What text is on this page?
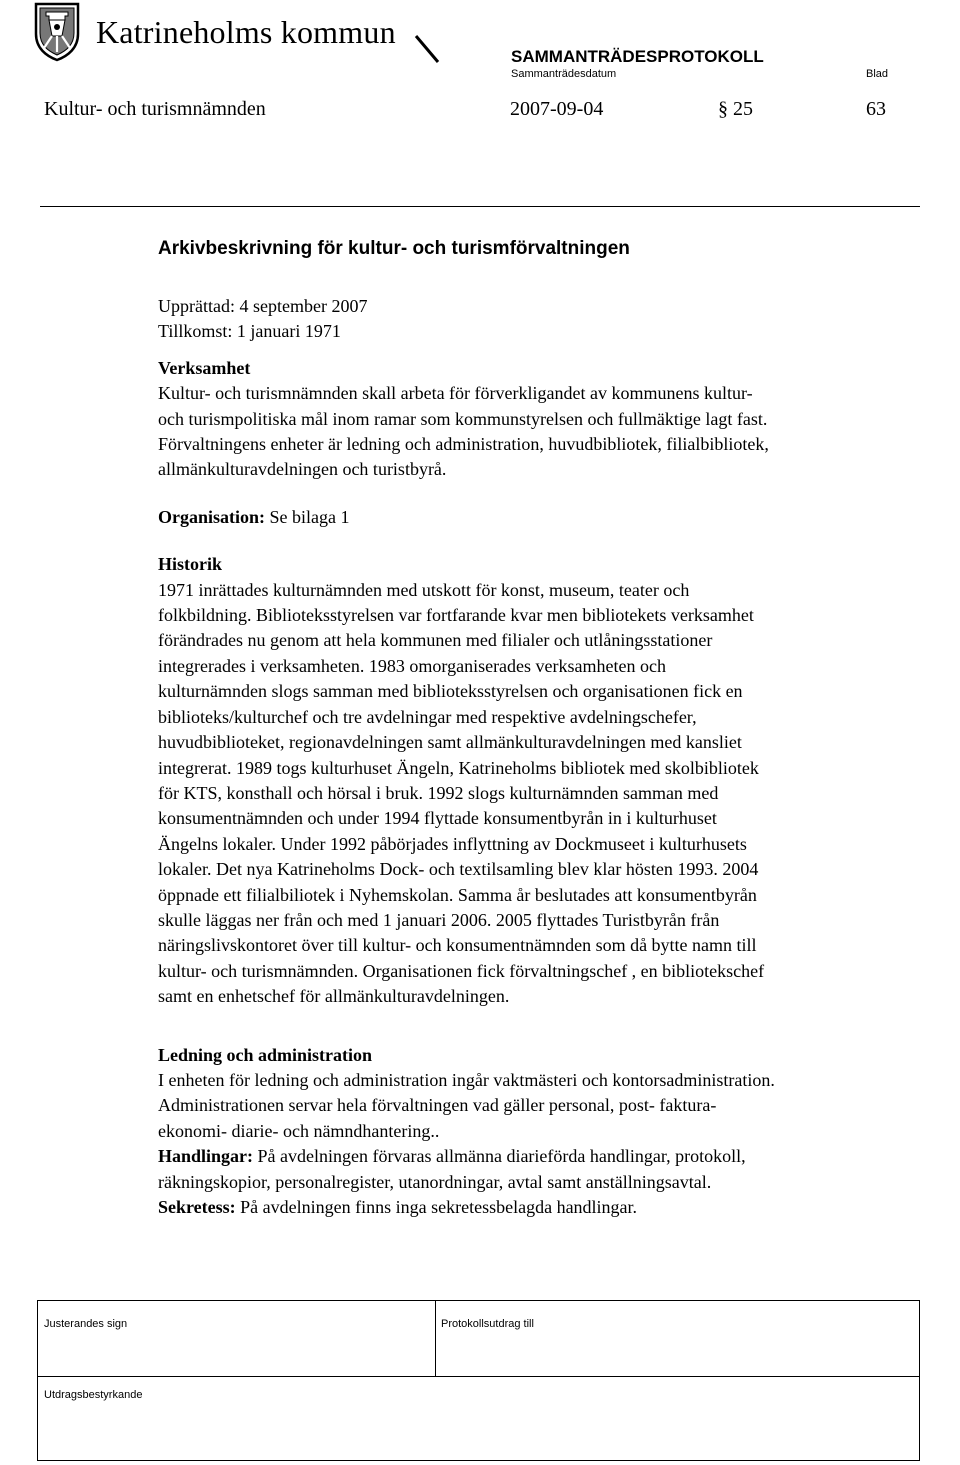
Katrineholms kommun
SAMMANTRÄDESPROTOKOLL
Sammanträdesdatum	Blad
Kultur- och turismnämnden	2007-09-04	§ 25	63
Arkivbeskrivning för kultur- och turismförvaltningen
Upprättad: 4 september 2007
Tillkomst: 1 januari 1971
Verksamhet
Kultur- och turismnämnden skall arbeta för förverkligandet av kommunens kultur-
och turismpolitiska mål inom ramar som kommunstyrelsen och fullmäktige lagt fast.
Förvaltningens enheter är ledning och administration, huvudbibliotek, filialbibliotek,
allmänkulturavdelningen och turistbyrå.
Organisation: Se bilaga 1
Historik
1971 inrättades kulturnämnden med utskott för konst, museum, teater och
folkbildning. Biblioteksstyrelsen var fortfarande kvar men bibliotekets verksamhet
förändrades nu genom att hela kommunen med filialer och utlåningsstationer
integrerades i verksamheten. 1983 omorganiserades verksamheten och
kulturnämnden slogs samman med biblioteksstyrelsen och organisationen fick en
biblioteks/kulturchef och tre avdelningar med respektive avdelningschefer,
huvudbiblioteket, regionavdelningen samt allmänkulturavdelningen med kansliet
integrerat. 1989 togs kulturhuset Ängeln, Katrineholms bibliotek med skolbibliotek
för KTS, konsthall och hörsal i bruk. 1992 slogs kulturnämnden samman med
konsumentnämnden och under 1994 flyttade konsumentbyrån in i kulturhuset
Ängelns lokaler. Under 1992 påbörjades inflyttning av Dockmuseet i kulturhusets
lokaler. Det nya Katrineholms Dock- och textilsamling blev klar hösten 1993. 2004
öppnade ett filialbiliotek i Nyhemskolan. Samma år beslutades att konsumentbyrån
skulle läggas ner från och med 1 januari 2006. 2005 flyttades Turistbyrån från
näringslivskontoret över till kultur- och konsumentnämnden som då bytte namn till
kultur- och turismnämnden. Organisationen fick förvaltningschef , en bibliotekschef
samt en enhetschef för allmänkulturavdelningen.
Ledning och administration
I enheten för ledning och administration ingår vaktmästeri och kontorsadministration.
Administrationen servar hela förvaltningen vad gäller personal, post- faktura-
ekonomi- diarie- och nämndhantering..
Handlingar: På avdelningen förvaras allmänna diarieförda handlingar, protokoll,
räkningskopior, personalregister, utanordningar, avtal samt anställningsavtal.
Sekretess: På avdelningen finns inga sekretessbelagda handlingar.
Justerandes sign	Protokollsutdrag till
Utdragsbestyrkande
